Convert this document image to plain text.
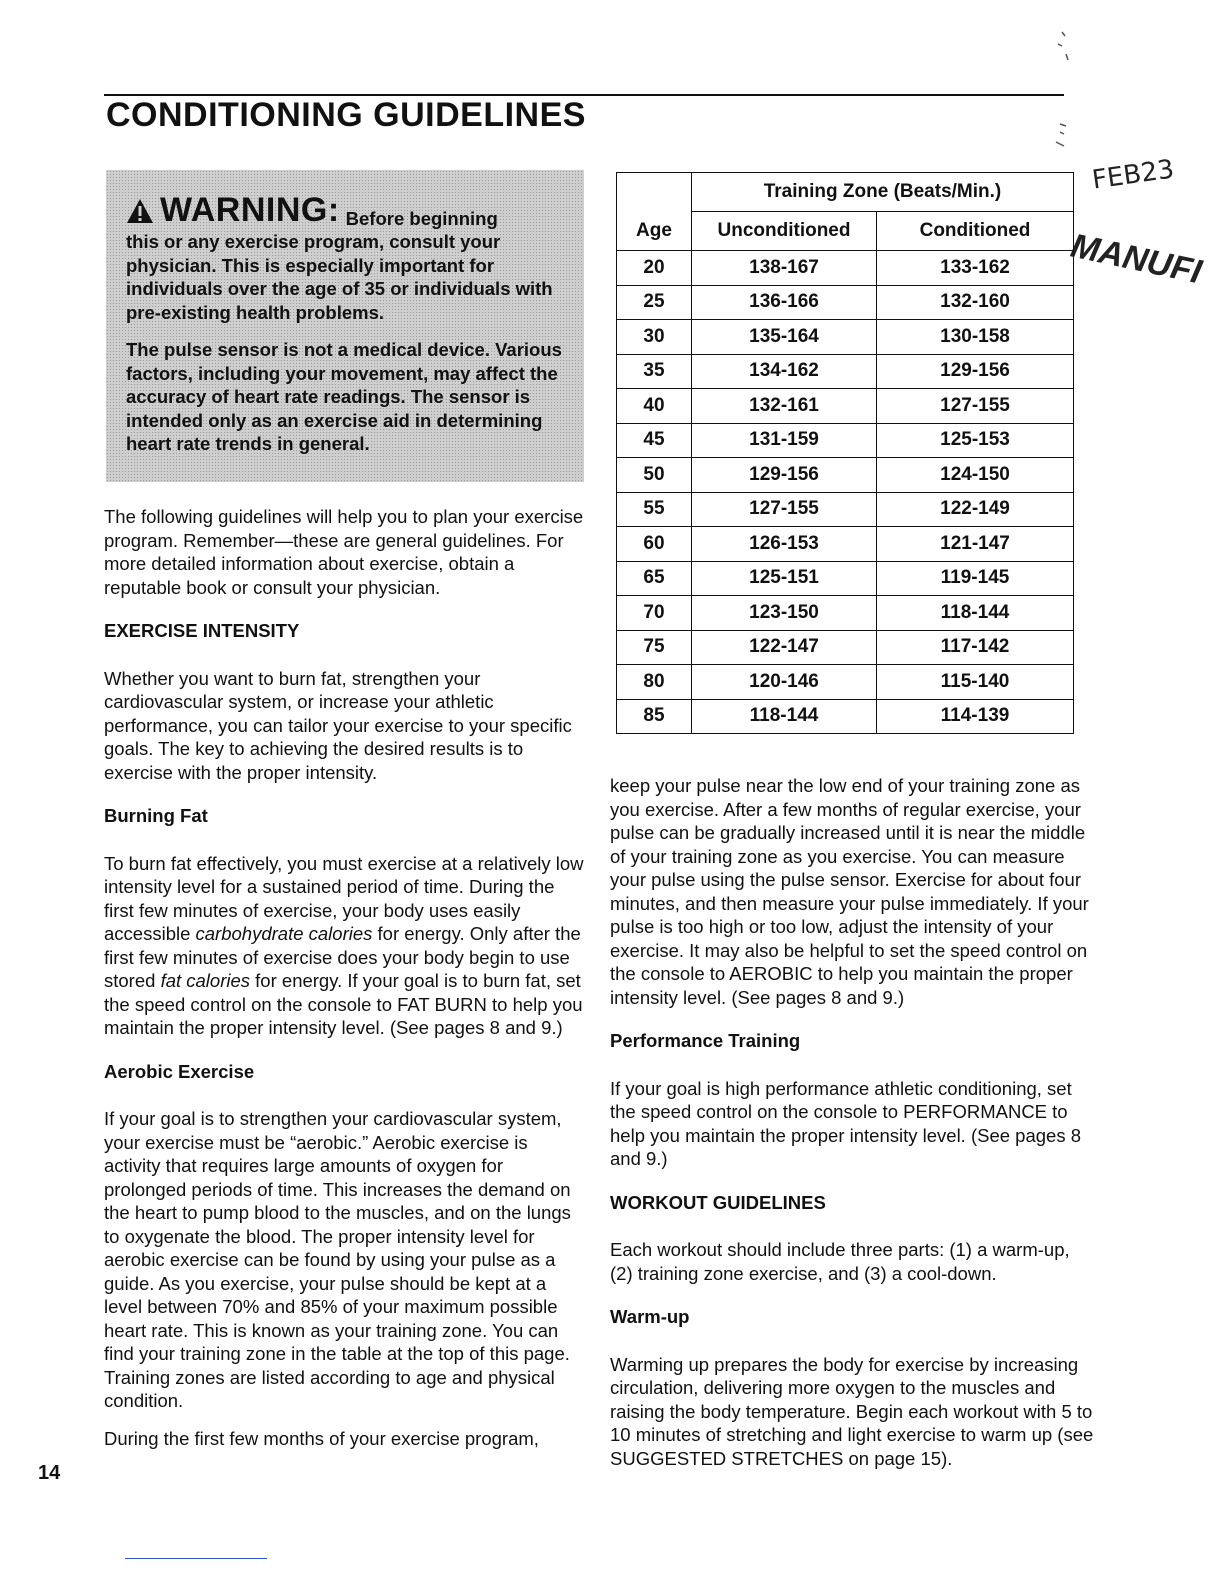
CONDITIONING GUIDELINES
FEB23
MANUFI
WARNING: Before beginning

this or any exercise program, consult your physician. This is especially important for individuals over the age of 35 or individuals with pre-existing health problems.

The pulse sensor is not a medical device. Various factors, including your movement, may affect the accuracy of heart rate readings. The sensor is intended only as an exercise aid in determining heart rate trends in general.

The following guidelines will help you to plan your exercise program. Remember—these are general guidelines. For more detailed information about exercise, obtain a reputable book or consult your physician.

EXERCISE INTENSITY

Whether you want to burn fat, strengthen your cardiovascular system, or increase your athletic performance, you can tailor your exercise to your specific goals. The key to achieving the desired results is to exercise with the proper intensity.

Burning Fat

To burn fat effectively, you must exercise at a relatively low intensity level for a sustained period of time. During the first few minutes of exercise, your body uses easily accessible carbohydrate calories for energy. Only after the first few minutes of exercise does your body begin to use stored fat calories for energy. If your goal is to burn fat, set the speed control on the console to FAT BURN to help you maintain the proper intensity level. (See pages 8 and 9.)

Aerobic Exercise

If your goal is to strengthen your cardiovascular system, your exercise must be “aerobic.” Aerobic exercise is activity that requires large amounts of oxygen for prolonged periods of time. This increases the demand on the heart to pump blood to the muscles, and on the lungs to oxygenate the blood. The proper intensity level for aerobic exercise can be found by using your pulse as a guide. As you exercise, your pulse should be kept at a level between 70% and 85% of your maximum possible heart rate. This is known as your training zone. You can find your training zone in the table at the top of this page. Training zones are listed according to age and physical condition.

During the first few months of your exercise program,

	Training Zone (Beats/Min.)	
Age	Unconditioned	Conditioned
20	138-167	133-162
25	136-166	132-160
30	135-164	130-158
35	134-162	129-156
40	132-161	127-155
45	131-159	125-153
50	129-156	124-150
55	127-155	122-149
60	126-153	121-147
65	125-151	119-145
70	123-150	118-144
75	122-147	117-142
80	120-146	115-140
85	118-144	114-139

keep your pulse near the low end of your training zone as you exercise. After a few months of regular exercise, your pulse can be gradually increased until it is near the middle of your training zone as you exercise. You can measure your pulse using the pulse sensor. Exercise for about four minutes, and then measure your pulse immediately. If your pulse is too high or too low, adjust the intensity of your exercise. It may also be helpful to set the speed control on the console to AEROBIC to help you maintain the proper intensity level. (See pages 8 and 9.)

Performance Training

If your goal is high performance athletic conditioning, set the speed control on the console to PERFORMANCE to help you maintain the proper intensity level. (See pages 8 and 9.)

WORKOUT GUIDELINES

Each workout should include three parts: (1) a warm-up, (2) training zone exercise, and (3) a cool-down.

Warm-up

Warming up prepares the body for exercise by increasing circulation, delivering more oxygen to the muscles and raising the body temperature. Begin each workout with 5 to 10 minutes of stretching and light exercise to warm up (see SUGGESTED STRETCHES on page 15).

14
